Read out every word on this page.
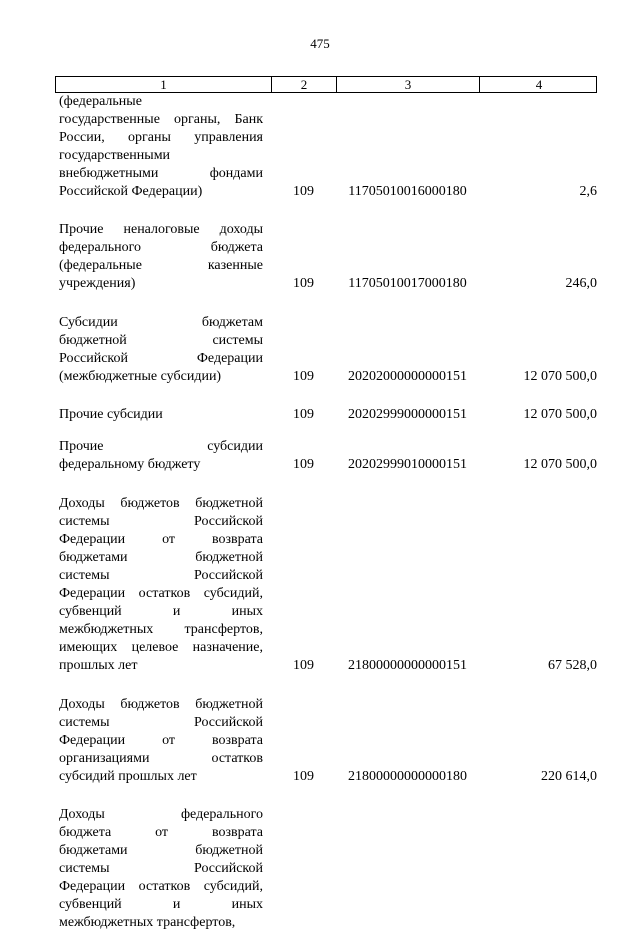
475
1	2	3	4
(федеральные
государственные органы, Банк
России, органы управления
государственными
внебюджетными фондами
Российской Федерации)	109	11705010016000180	2,6
Прочие неналоговые доходы
федерального бюджета
(федеральные казенные
учреждения)	109	11705010017000180	246,0
Субсидии бюджетам
бюджетной системы
Российской Федерации
(межбюджетные субсидии)	109	20202000000000151	12 070 500,0
Прочие субсидии	109	20202999000000151	12 070 500,0
Прочие субсидии
федеральному бюджету	109	20202999010000151	12 070 500,0
Доходы бюджетов бюджетной
системы Российской
Федерации от возврата
бюджетами бюджетной
системы Российской
Федерации остатков субсидий,
субвенций и иных
межбюджетных трансфертов,
имеющих целевое назначение,
прошлых лет	109	21800000000000151	67 528,0
Доходы бюджетов бюджетной
системы Российской
Федерации от возврата
организациями остатков
субсидий прошлых лет	109	21800000000000180	220 614,0
Доходы федерального
бюджета от возврата
бюджетами бюджетной
системы Российской
Федерации остатков субсидий,
субвенций и иных
межбюджетных трансфертов,
